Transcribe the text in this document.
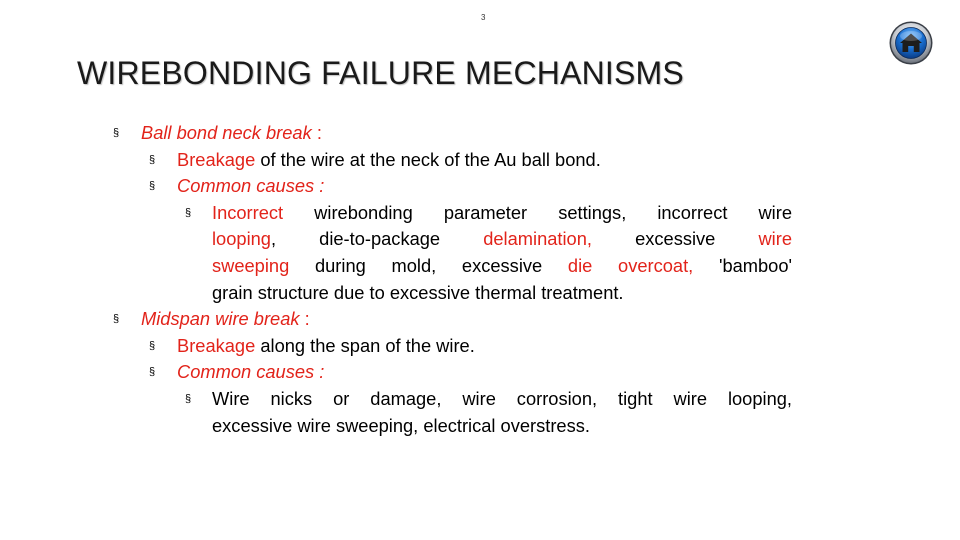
3
WIREBONDING FAILURE MECHANISMS
§ Ball bond neck break :
§ Breakage of the wire at the neck of the Au ball bond.
§ Common causes :
§ Incorrect wirebonding parameter settings, incorrect wire
looping, die-to-package delamination, excessive wire
sweeping during mold, excessive die overcoat, 'bamboo'
grain structure due to excessive thermal treatment.
§ Midspan wire break :
§ Breakage along the span of the wire.
§ Common causes :
§ Wire nicks or damage, wire corrosion, tight wire looping,
excessive wire sweeping, electrical overstress.
